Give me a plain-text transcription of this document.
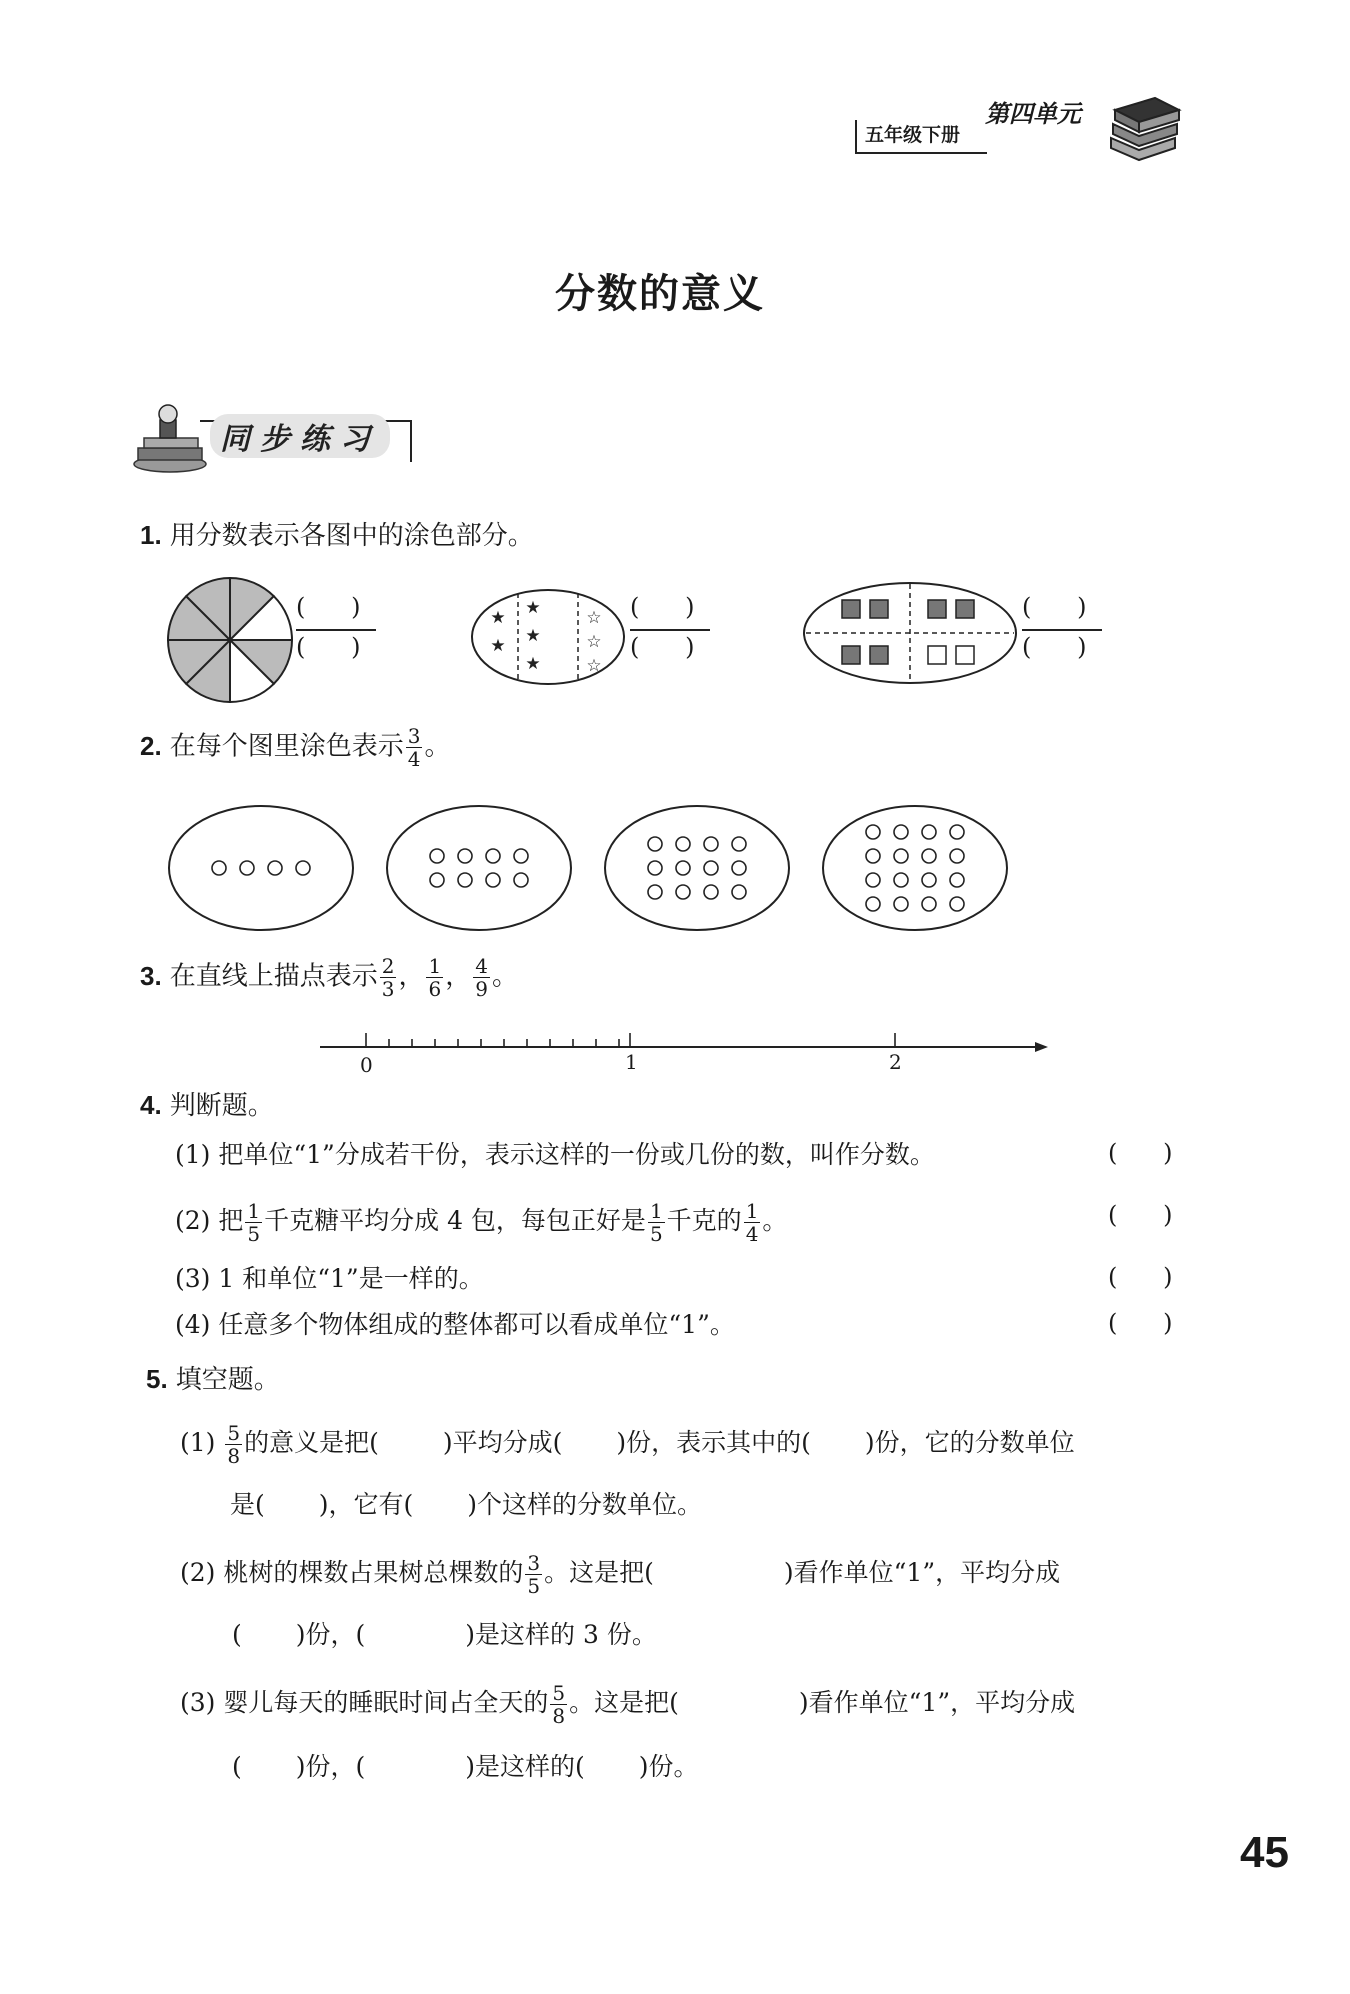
五年级下册
第四单元
分数的意义
同步练习
1. 用分数表示各图中的涂色部分。
(      )
(      )
★
★
★
★
★
☆
☆
☆
(      )
(      )
(      )
(      )
2. 在每个图里涂色表示 $\frac{3}{4}$ 。
3. 在直线上描点表示 $\frac{2}{3}$ ， $\frac{1}{6}$ ， $\frac{4}{9}$ 。
0	1	2
4. 判断题。
(1) 把单位“1”分成若干份，表示这样的一份或几份的数，叫作分数。	(      )
(2) 把 $\frac{1}{5}$ 千克糖平均分成 4 包，每包正好是 $\frac{1}{5}$ 千克的 $\frac{1}{4}$ 。	(      )
(3) 1 和单位“1”是一样的。	(      )
(4) 任意多个物体组成的整体都可以看成单位“1”。	(      )
5. 填空题。
$(1) \frac{5}{8}$ 的意义是把(	)平均分成( )份，表示其中的( )份，它的分数单位
是( )，它有( )个这样的分数单位。
(2) 桃树的棵数占果树总棵数的 $\frac{3}{5}$ 。这是把(	)看作单位“1”，平均分成
( )份，(	)是这样的 3 份。
(3) 婴儿每天的睡眠时间占全天的 $\frac{5}{8}$ 。这是把(	)看作单位“1”，平均分成
( )份，(	)是这样的( )份。
45
